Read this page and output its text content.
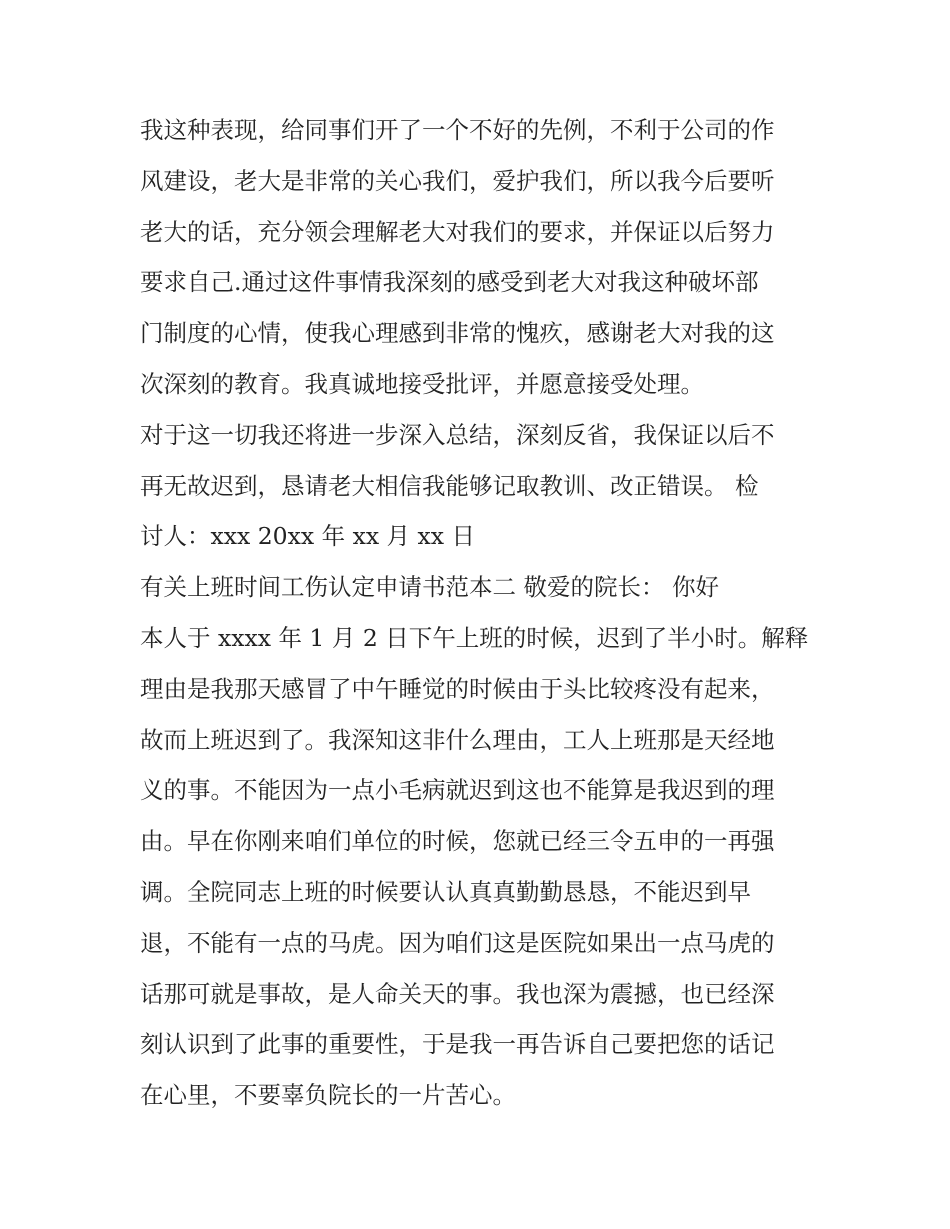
我这种表现，给同事们开了一个不好的先例，不利于公司的作
风建设，老大是非常的关心我们，爱护我们，所以我今后要听
老大的话，充分领会理解老大对我们的要求，并保证以后努力
要求自己.通过这件事情我深刻的感受到老大对我这种破坏部
门制度的心情，使我心理感到非常的愧疚，感谢老大对我的这
次深刻的教育。我真诚地接受批评，并愿意接受处理。
对于这一切我还将进一步深入总结，深刻反省，我保证以后不
再无故迟到，恳请老大相信我能够记取教训、改正错误。 检
讨人：xxx 20xx 年 xx 月 xx 日
有关上班时间工伤认定申请书范本二 敬爱的院长： 你好
本人于 xxxx 年 1 月 2 日下午上班的时候，迟到了半小时。解释
理由是我那天感冒了中午睡觉的时候由于头比较疼没有起来，
故而上班迟到了。我深知这非什么理由，工人上班那是天经地
义的事。不能因为一点小毛病就迟到这也不能算是我迟到的理
由。早在你刚来咱们单位的时候，您就已经三令五申的一再强
调。全院同志上班的时候要认认真真勤勤恳恳，不能迟到早
退，不能有一点的马虎。因为咱们这是医院如果出一点马虎的
话那可就是事故，是人命关天的事。我也深为震撼，也已经深
刻认识到了此事的重要性，于是我一再告诉自己要把您的话记
在心里，不要辜负院长的一片苦心。
